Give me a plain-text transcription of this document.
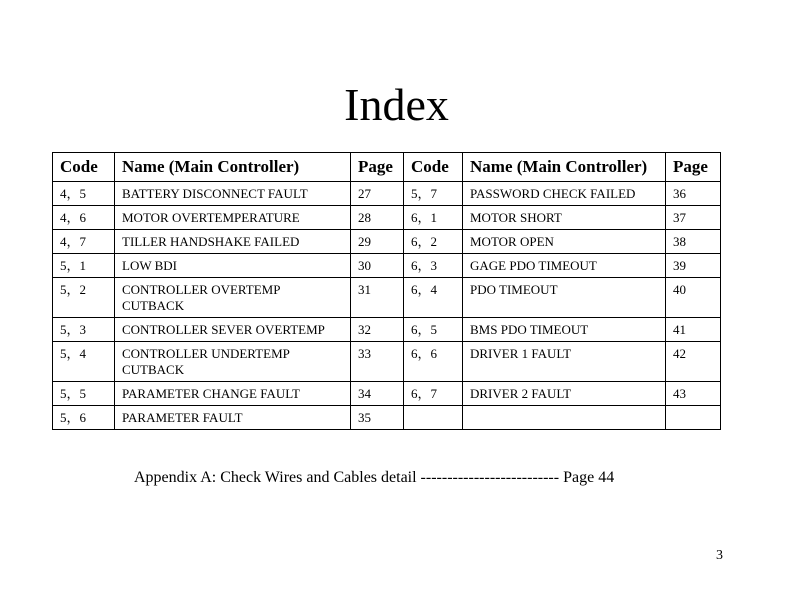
Index
Code	Name (Main Controller)	Page	Code	Name (Main Controller)	Page
4，5	BATTERY DISCONNECT FAULT	27	5，7	PASSWORD CHECK FAILED	36
4，6	MOTOR OVERTEMPERATURE	28	6，1	MOTOR SHORT	37
4，7	TILLER HANDSHAKE FAILED	29	6，2	MOTOR OPEN	38
5，1	LOW BDI	30	6，3	GAGE PDO TIMEOUT	39
5，2	CONTROLLER OVERTEMP CUTBACK	31	6，4	PDO TIMEOUT	40
5，3	CONTROLLER SEVER OVERTEMP	32	6，5	BMS PDO TIMEOUT	41
5，4	CONTROLLER UNDERTEMP CUTBACK	33	6，6	DRIVER 1 FAULT	42
5，5	PARAMETER CHANGE FAULT	34	6，7	DRIVER 2 FAULT	43
5，6	PARAMETER FAULT	35			
Appendix A: Check Wires and Cables detail -------------------------- Page 44
3
